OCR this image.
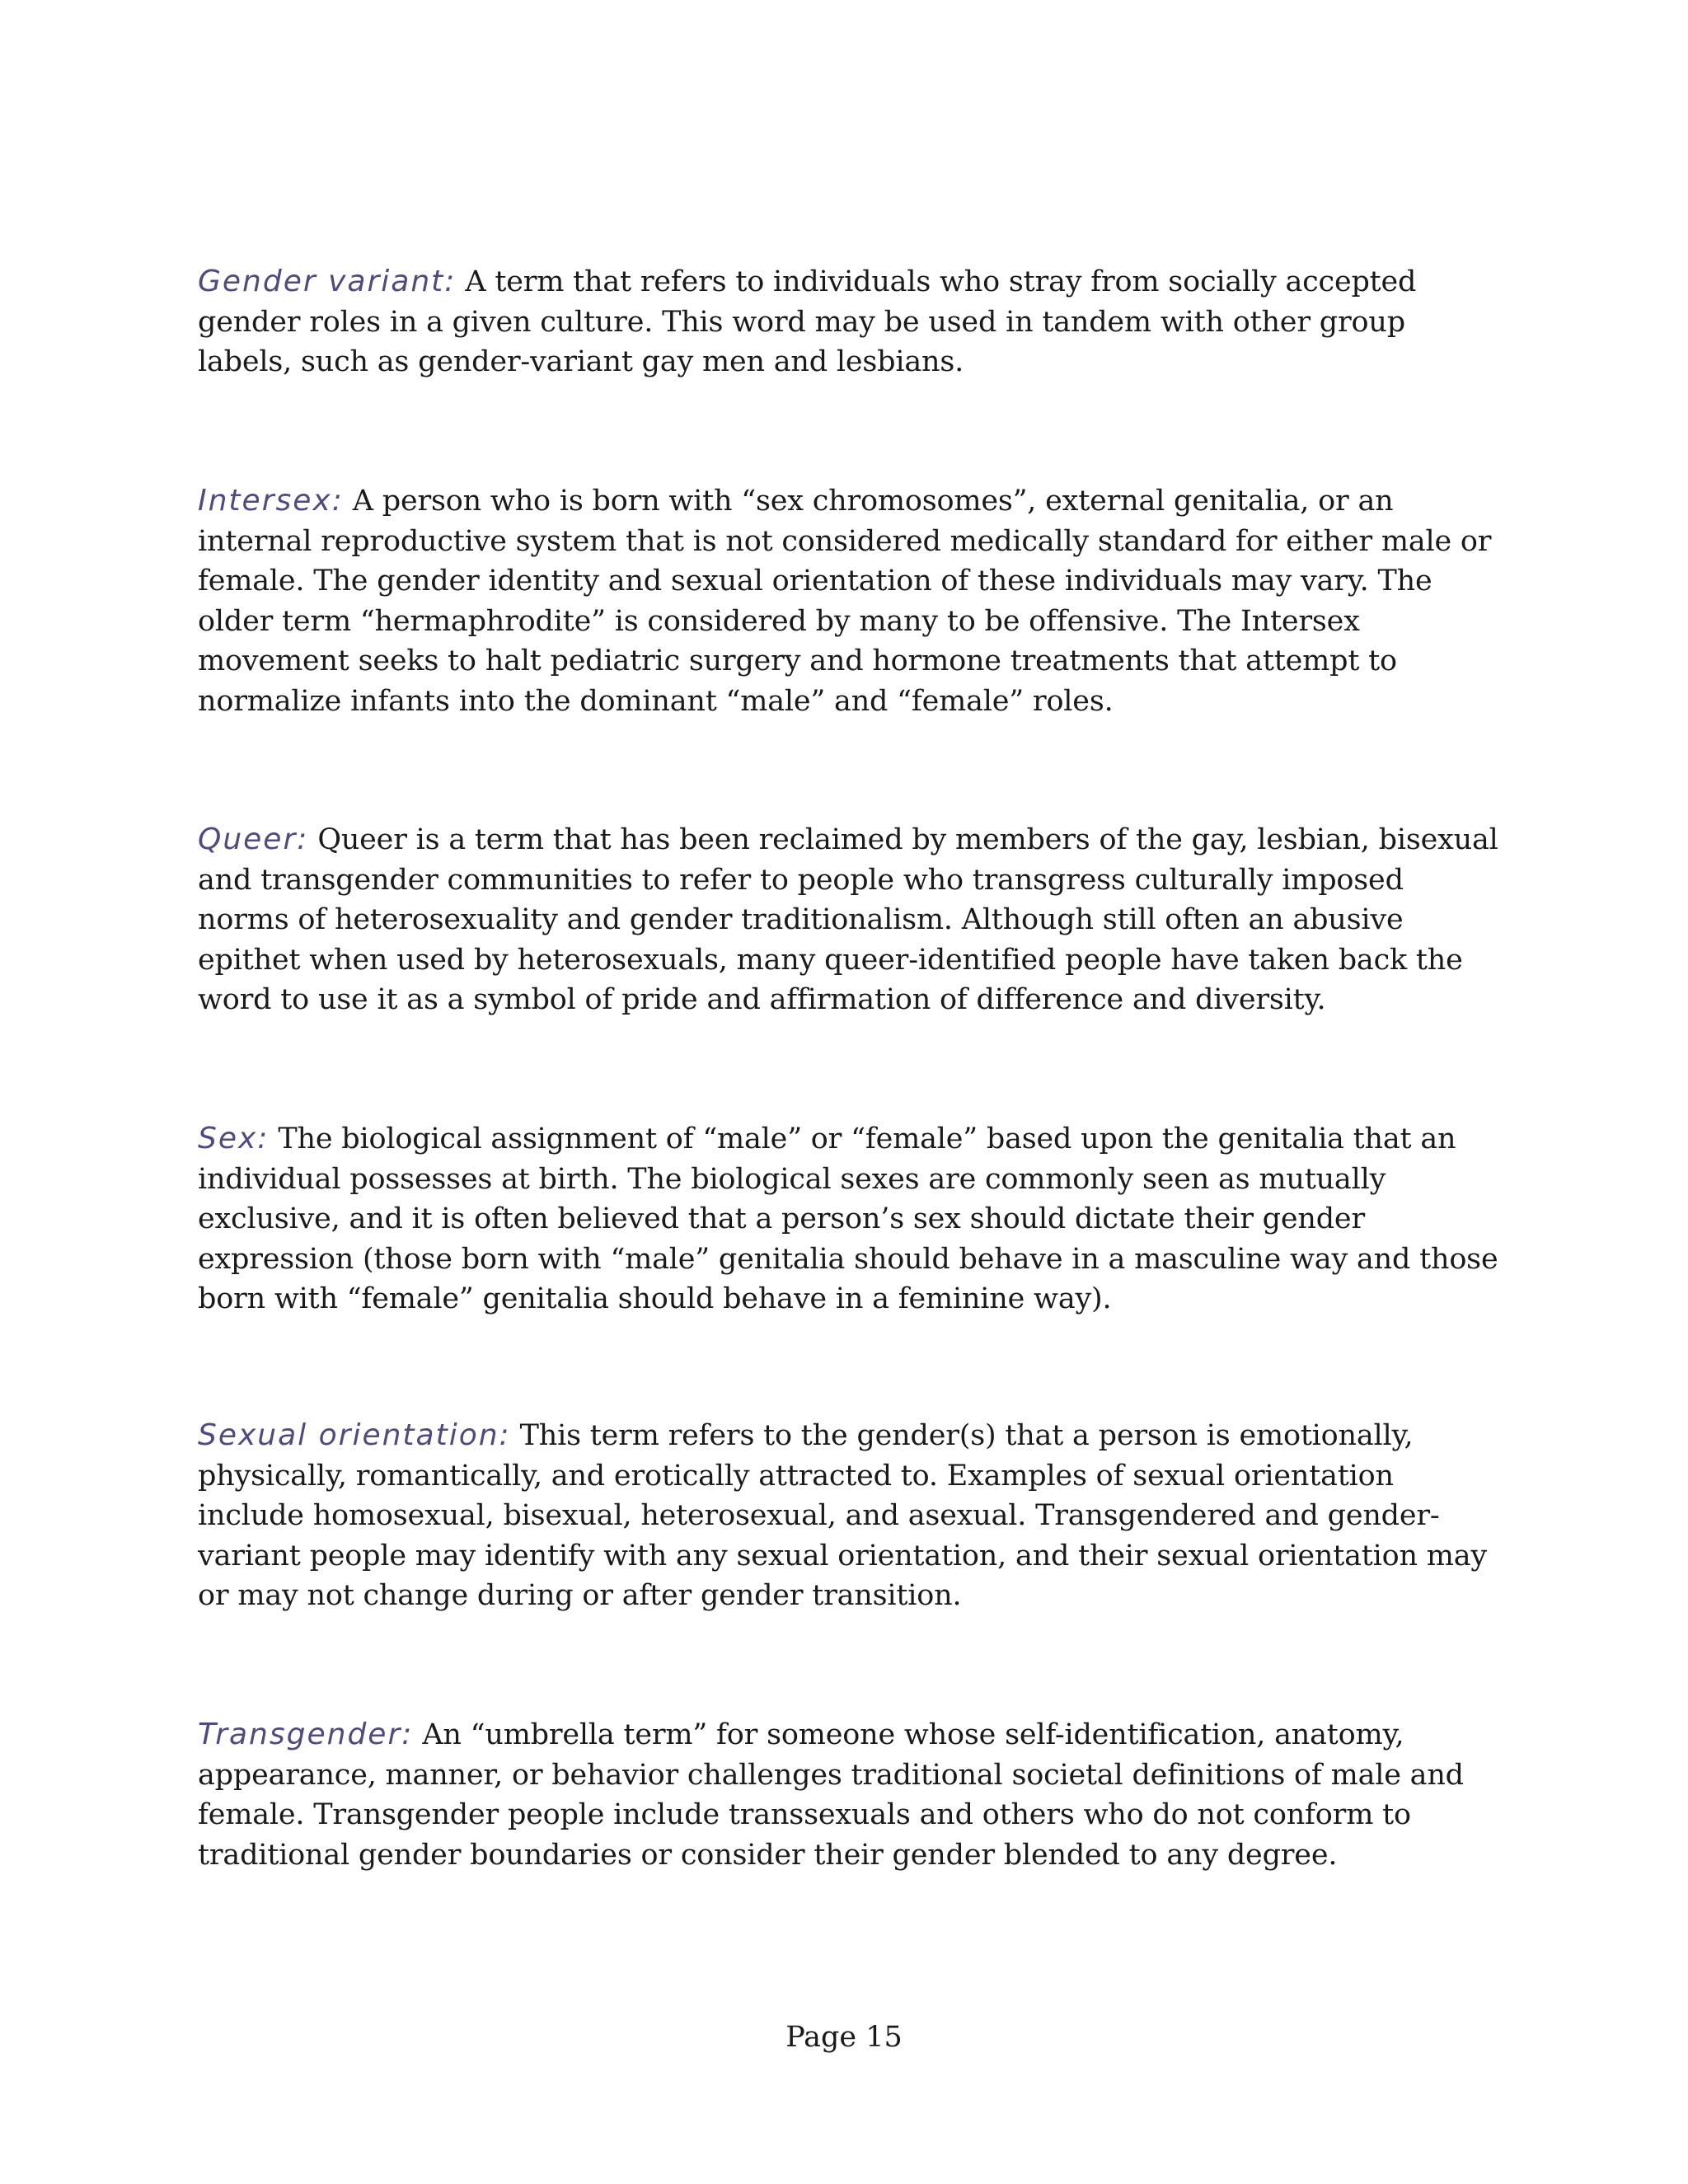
Gender variant: A term that refers to individuals who stray from socially accepted gender roles in a given culture. This word may be used in tandem with other group labels, such as gender-variant gay men and lesbians.
Intersex: A person who is born with “sex chromosomes”, external genitalia, or an internal reproductive system that is not considered medically standard for either male or female. The gender identity and sexual orientation of these individuals may vary. The older term “hermaphrodite” is considered by many to be offensive. The Intersex movement seeks to halt pediatric surgery and hormone treatments that attempt to normalize infants into the dominant “male” and “female” roles.
Queer: Queer is a term that has been reclaimed by members of the gay, lesbian, bisexual and transgender communities to refer to people who transgress culturally imposed norms of heterosexuality and gender traditionalism. Although still often an abusive epithet when used by heterosexuals, many queer-identified people have taken back the word to use it as a symbol of pride and affirmation of difference and diversity.
Sex: The biological assignment of “male” or “female” based upon the genitalia that an individual possesses at birth. The biological sexes are commonly seen as mutually exclusive, and it is often believed that a person’s sex should dictate their gender expression (those born with “male” genitalia should behave in a masculine way and those born with “female” genitalia should behave in a feminine way).
Sexual orientation: This term refers to the gender(s) that a person is emotionally, physically, romantically, and erotically attracted to. Examples of sexual orientation include homosexual, bisexual, heterosexual, and asexual. Transgendered and gender-variant people may identify with any sexual orientation, and their sexual orientation may or may not change during or after gender transition.
Transgender: An “umbrella term” for someone whose self-identification, anatomy, appearance, manner, or behavior challenges traditional societal definitions of male and female. Transgender people include transsexuals and others who do not conform to traditional gender boundaries or consider their gender blended to any degree.
Page 15
